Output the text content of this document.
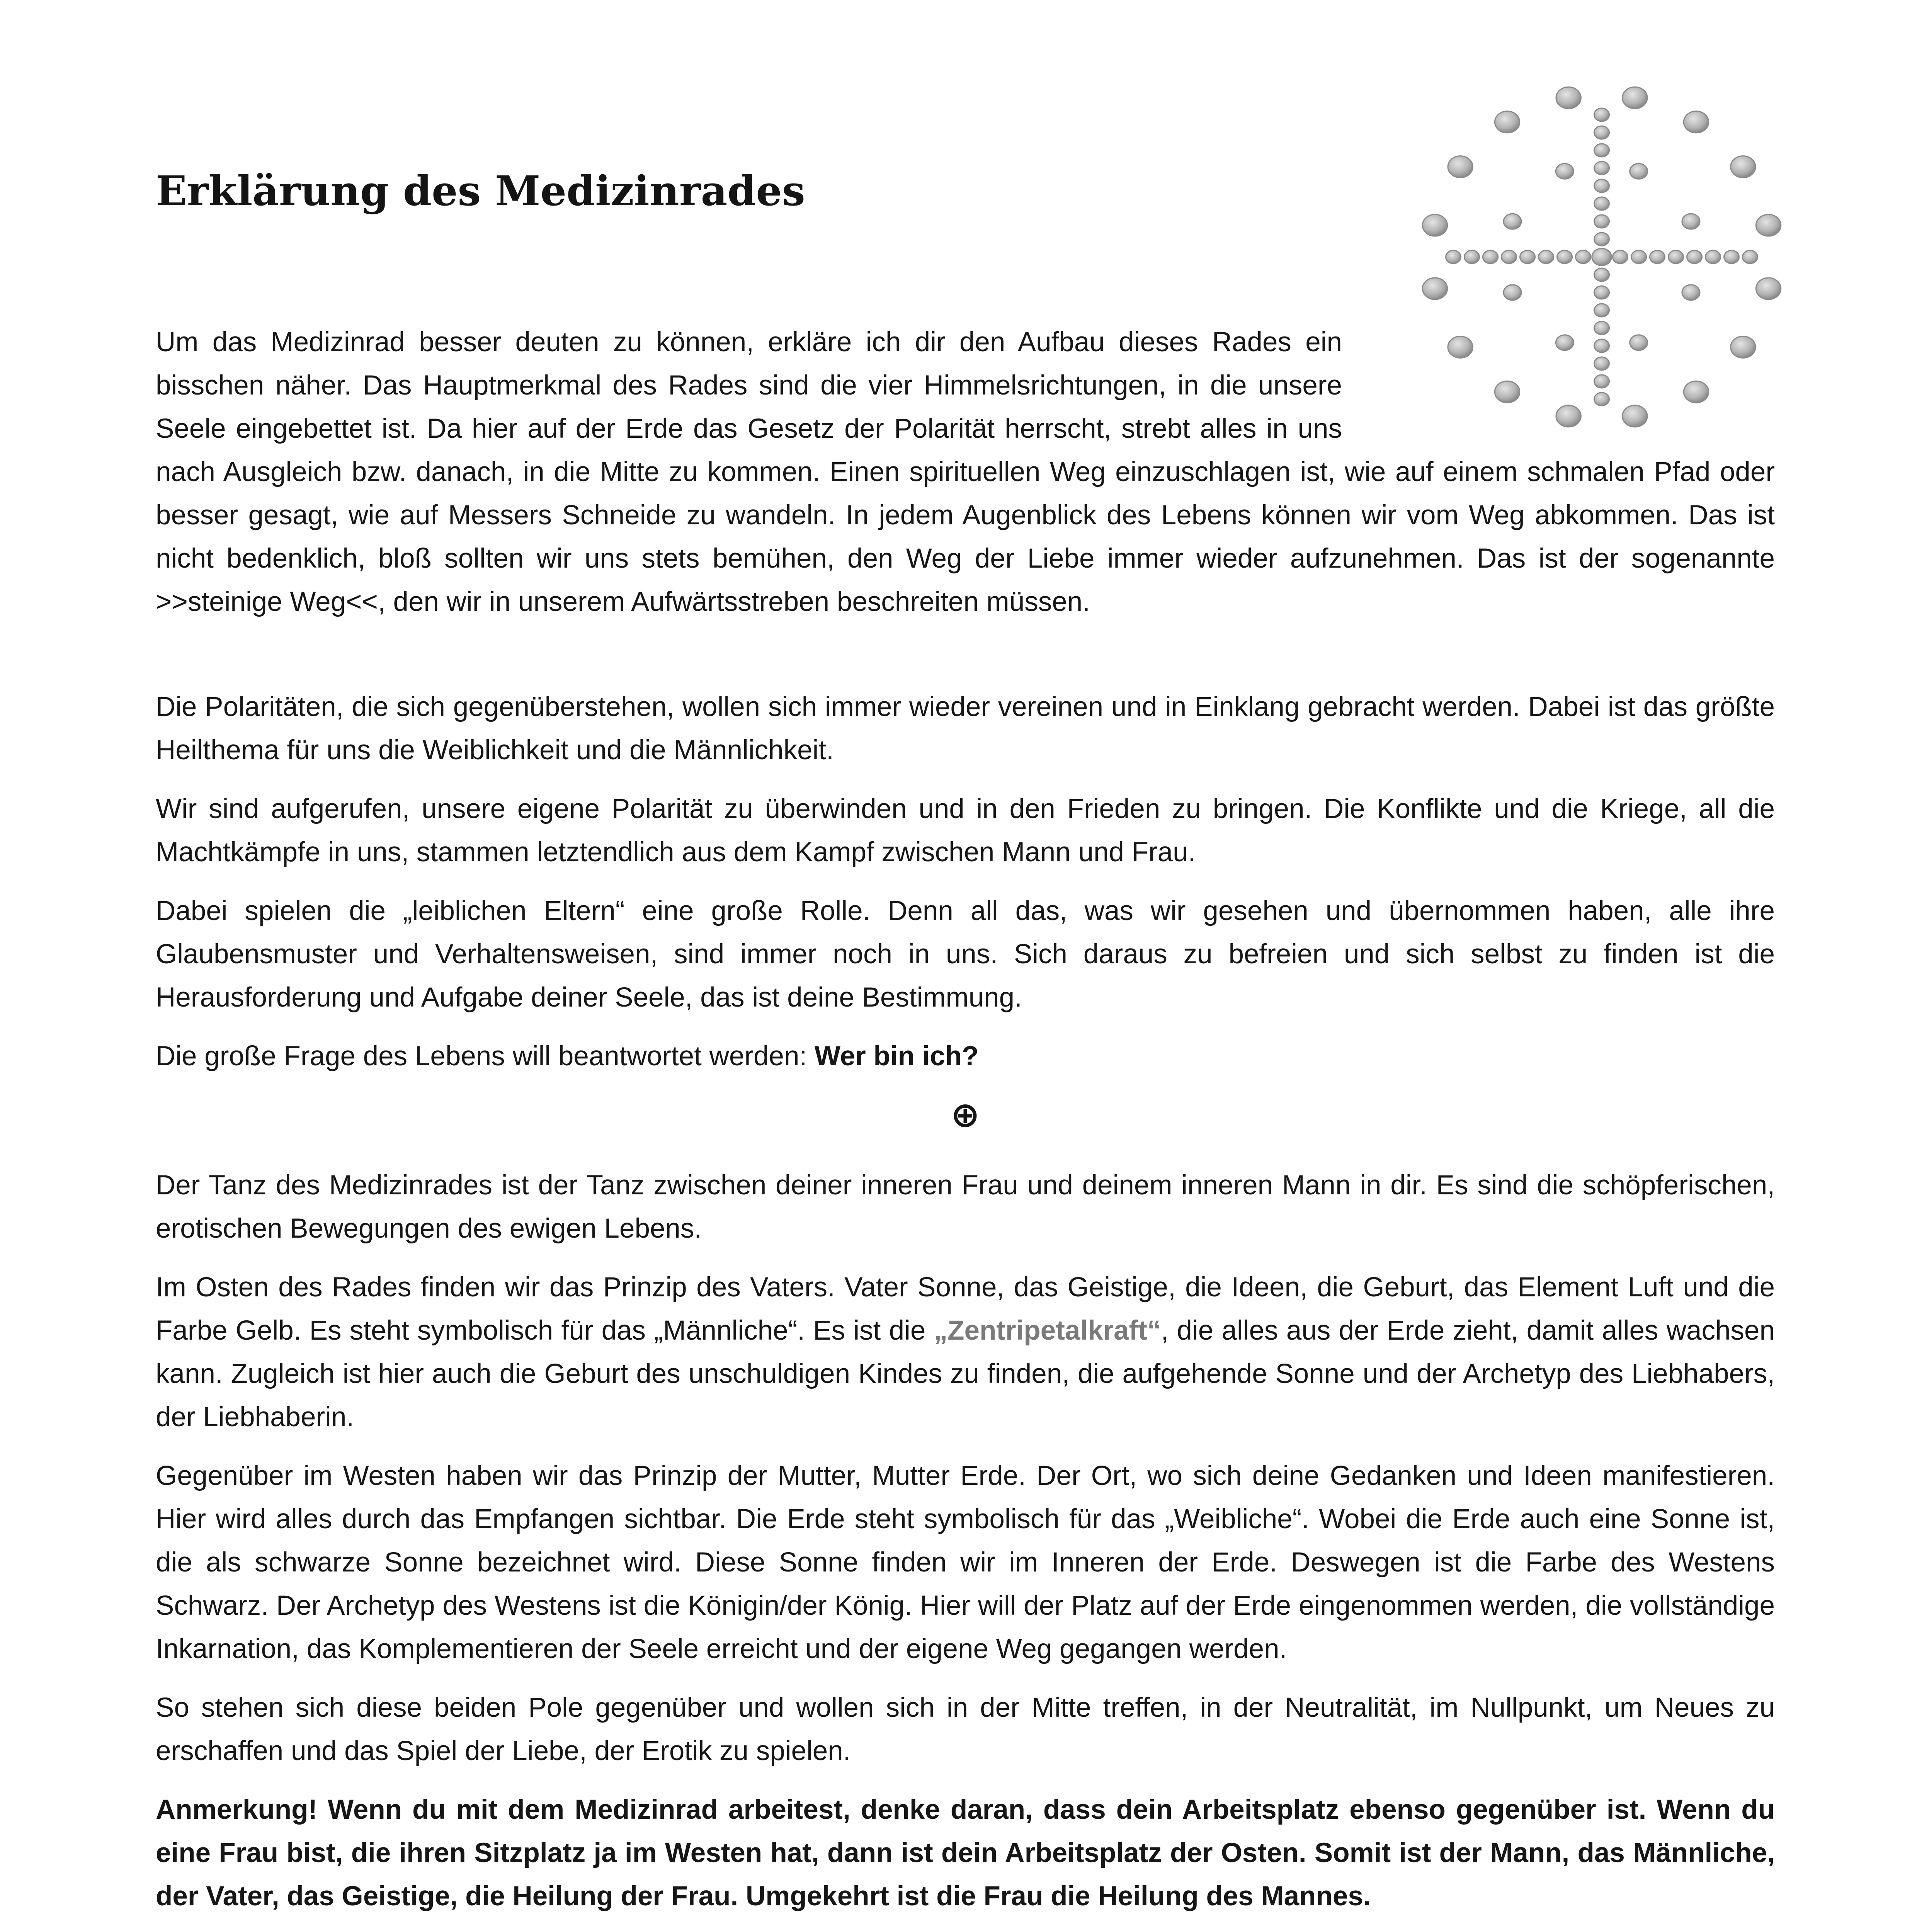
Erklärung des Medizinrades

Um das Medizinrad besser deuten zu können, erkläre ich dir den Aufbau dieses Rades ein bisschen näher. Das Hauptmerkmal des Rades sind die vier Himmelsrichtungen, in die unsere Seele eingebettet ist. Da hier auf der Erde das Gesetz der Polarität herrscht, strebt alles in uns nach Ausgleich bzw. danach, in die Mitte zu kommen. Einen spirituellen Weg einzuschlagen ist, wie auf einem schmalen Pfad oder besser gesagt, wie auf Messers Schneide zu wandeln. In jedem Augenblick des Lebens können wir vom Weg abkommen. Das ist nicht bedenklich, bloß sollten wir uns stets bemühen, den Weg der Liebe immer wieder aufzunehmen. Das ist der sogenannte >>steinige Weg<<, den wir in unserem Aufwärtsstreben beschreiten müssen.

Die Polaritäten, die sich gegenüberstehen, wollen sich immer wieder vereinen und in Einklang gebracht werden. Dabei ist das größte Heilthema für uns die Weiblichkeit und die Männlichkeit.

Wir sind aufgerufen, unsere eigene Polarität zu überwinden und in den Frieden zu bringen. Die Konflikte und die Kriege, all die Machtkämpfe in uns, stammen letztendlich aus dem Kampf zwischen Mann und Frau.

Dabei spielen die „leiblichen Eltern“ eine große Rolle. Denn all das, was wir gesehen und übernommen haben, alle ihre Glaubensmuster und Verhaltensweisen, sind immer noch in uns. Sich daraus zu befreien und sich selbst zu finden ist die Herausforderung und Aufgabe deiner Seele, das ist deine Bestimmung.

Die große Frage des Lebens will beantwortet werden: Wer bin ich?

⊕

Der Tanz des Medizinrades ist der Tanz zwischen deiner inneren Frau und deinem inneren Mann in dir. Es sind die schöpferischen, erotischen Bewegungen des ewigen Lebens.

Im Osten des Rades finden wir das Prinzip des Vaters. Vater Sonne, das Geistige, die Ideen, die Geburt, das Element Luft und die Farbe Gelb. Es steht symbolisch für das „Männliche“. Es ist die „Zentripetalkraft“, die alles aus der Erde zieht, damit alles wachsen kann. Zugleich ist hier auch die Geburt des unschuldigen Kindes zu finden, die aufgehende Sonne und der Archetyp des Liebhabers, der Liebhaberin.

Gegenüber im Westen haben wir das Prinzip der Mutter, Mutter Erde. Der Ort, wo sich deine Gedanken und Ideen manifestieren. Hier wird alles durch das Empfangen sichtbar. Die Erde steht symbolisch für das „Weibliche“. Wobei die Erde auch eine Sonne ist, die als schwarze Sonne bezeichnet wird. Diese Sonne finden wir im Inneren der Erde. Deswegen ist die Farbe des Westens Schwarz. Der Archetyp des Westens ist die Königin/der König. Hier will der Platz auf der Erde eingenommen werden, die vollständige Inkarnation, das Komplementieren der Seele erreicht und der eigene Weg gegangen werden.

So stehen sich diese beiden Pole gegenüber und wollen sich in der Mitte treffen, in der Neutralität, im Nullpunkt, um Neues zu erschaffen und das Spiel der Liebe, der Erotik zu spielen.

Anmerkung! Wenn du mit dem Medizinrad arbeitest, denke daran, dass dein Arbeitsplatz ebenso gegenüber ist. Wenn du eine Frau bist, die ihren Sitzplatz ja im Westen hat, dann ist dein Arbeitsplatz der Osten. Somit ist der Mann, das Männliche, der Vater, das Geistige, die Heilung der Frau. Umgekehrt ist die Frau die Heilung des Mannes.
